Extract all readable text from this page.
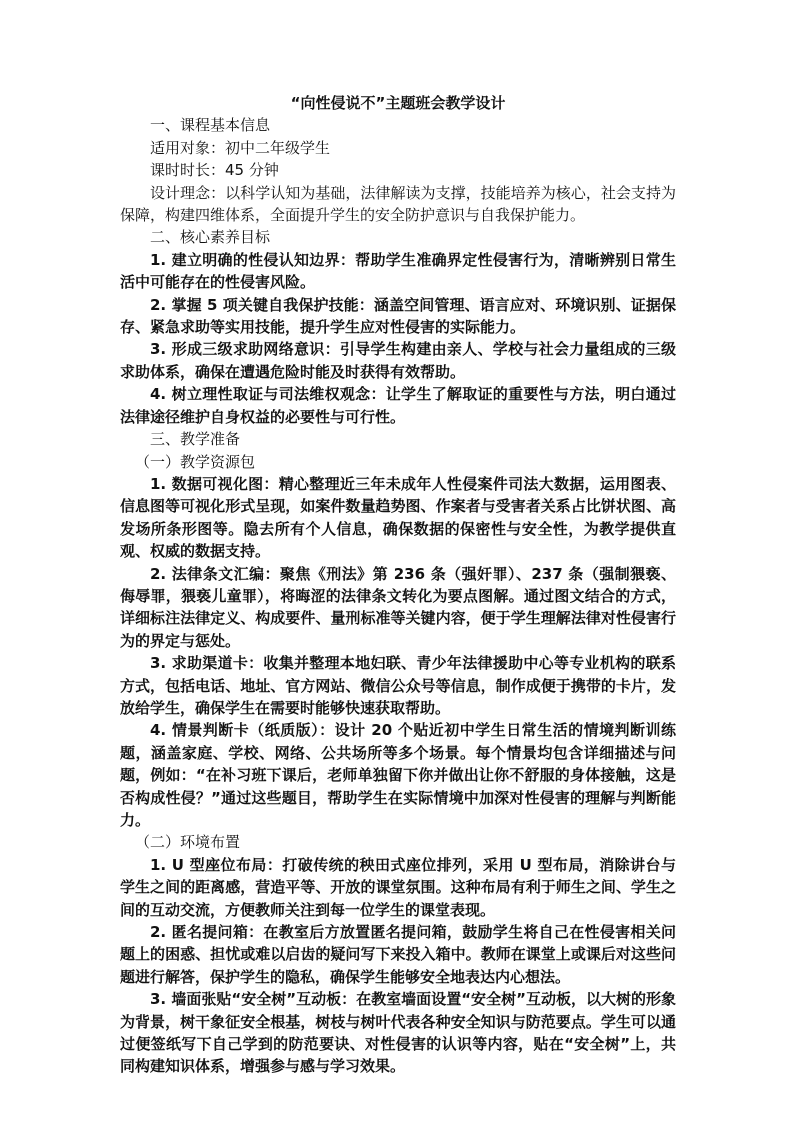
“向性侵说不”主题班会教学设计

一、课程基本信息

适用对象：初中二年级学生

课时时长：45 分钟

设计理念：以科学认知为基础，法律解读为支撑，技能培养为核心，社会支持为保障，构建四维体系，全面提升学生的安全防护意识与自我保护能力。

二、核心素养目标

1. 建立明确的性侵认知边界：帮助学生准确界定性侵害行为，清晰辨别日常生活中可能存在的性侵害风险。

2. 掌握 5 项关键自我保护技能：涵盖空间管理、语言应对、环境识别、证据保存、紧急求助等实用技能，提升学生应对性侵害的实际能力。

3. 形成三级求助网络意识：引导学生构建由亲人、学校与社会力量组成的三级求助体系，确保在遭遇危险时能及时获得有效帮助。

4. 树立理性取证与司法维权观念：让学生了解取证的重要性与方法，明白通过法律途径维护自身权益的必要性与可行性。

三、教学准备

（一）教学资源包

1. 数据可视化图：精心整理近三年未成年人性侵案件司法大数据，运用图表、信息图等可视化形式呈现，如案件数量趋势图、作案者与受害者关系占比饼状图、高发场所条形图等。隐去所有个人信息，确保数据的保密性与安全性，为教学提供直观、权威的数据支持。

2. 法律条文汇编：聚焦《刑法》第 236 条（强奸罪）、237 条（强制猥亵、侮辱罪，猥亵儿童罪），将晦涩的法律条文转化为要点图解。通过图文结合的方式，详细标注法律定义、构成要件、量刑标准等关键内容，便于学生理解法律对性侵害行为的界定与惩处。

3. 求助渠道卡：收集并整理本地妇联、青少年法律援助中心等专业机构的联系方式，包括电话、地址、官方网站、微信公众号等信息，制作成便于携带的卡片，发放给学生，确保学生在需要时能够快速获取帮助。

4. 情景判断卡（纸质版）：设计 20 个贴近初中学生日常生活的情境判断训练题，涵盖家庭、学校、网络、公共场所等多个场景。每个情景均包含详细描述与问题，例如：“在补习班下课后，老师单独留下你并做出让你不舒服的身体接触，这是否构成性侵？”通过这些题目，帮助学生在实际情境中加深对性侵害的理解与判断能力。

（二）环境布置

1. U 型座位布局：打破传统的秧田式座位排列，采用 U 型布局，消除讲台与学生之间的距离感，营造平等、开放的课堂氛围。这种布局有利于师生之间、学生之间的互动交流，方便教师关注到每一位学生的课堂表现。

2. 匿名提问箱：在教室后方放置匿名提问箱，鼓励学生将自己在性侵害相关问题上的困惑、担忧或难以启齿的疑问写下来投入箱中。教师在课堂上或课后对这些问题进行解答，保护学生的隐私，确保学生能够安全地表达内心想法。

3. 墙面张贴“安全树”互动板：在教室墙面设置“安全树”互动板，以大树的形象为背景，树干象征安全根基，树枝与树叶代表各种安全知识与防范要点。学生可以通过便签纸写下自己学到的防范要诀、对性侵害的认识等内容，贴在“安全树”上，共同构建知识体系，增强参与感与学习效果。
